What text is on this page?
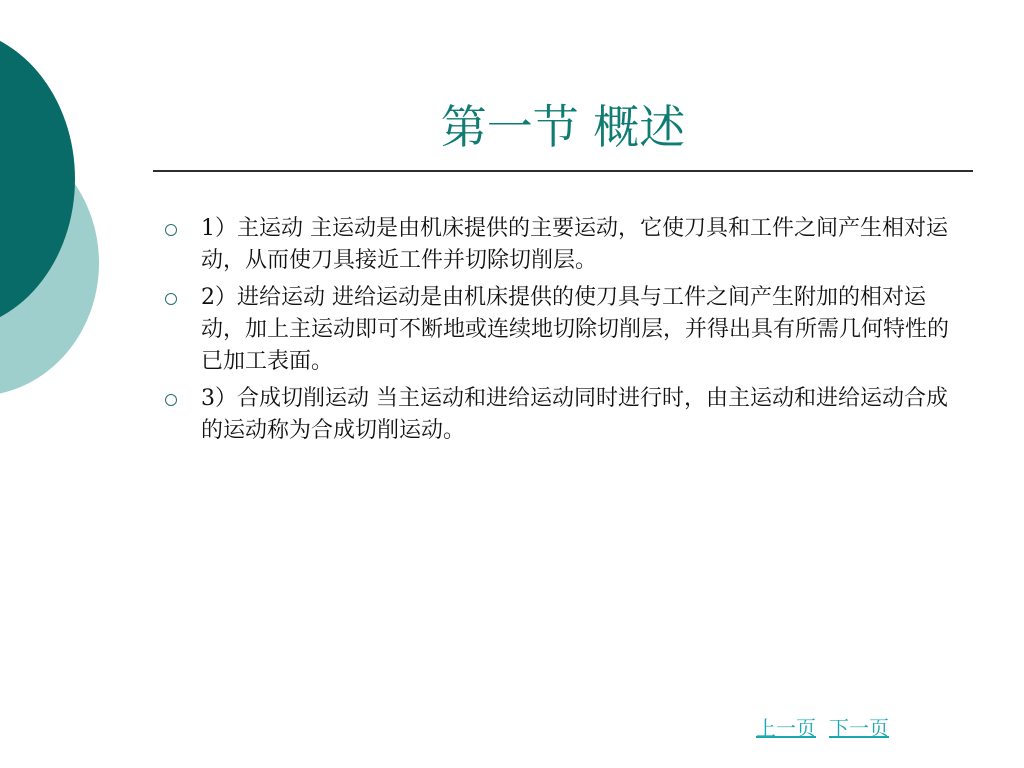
第一节 概述
1）主运动 主运动是由机床提供的主要运动，它使刀具和工件之间产生相对运动，从而使刀具接近工件并切除切削层。
2）进给运动 进给运动是由机床提供的使刀具与工件之间产生附加的相对运动，加上主运动即可不断地或连续地切除切削层，并得出具有所需几何特性的已加工表面。
3）合成切削运动 当主运动和进给运动同时进行时，由主运动和进给运动合成的运动称为合成切削运动。
上一页 下一页
